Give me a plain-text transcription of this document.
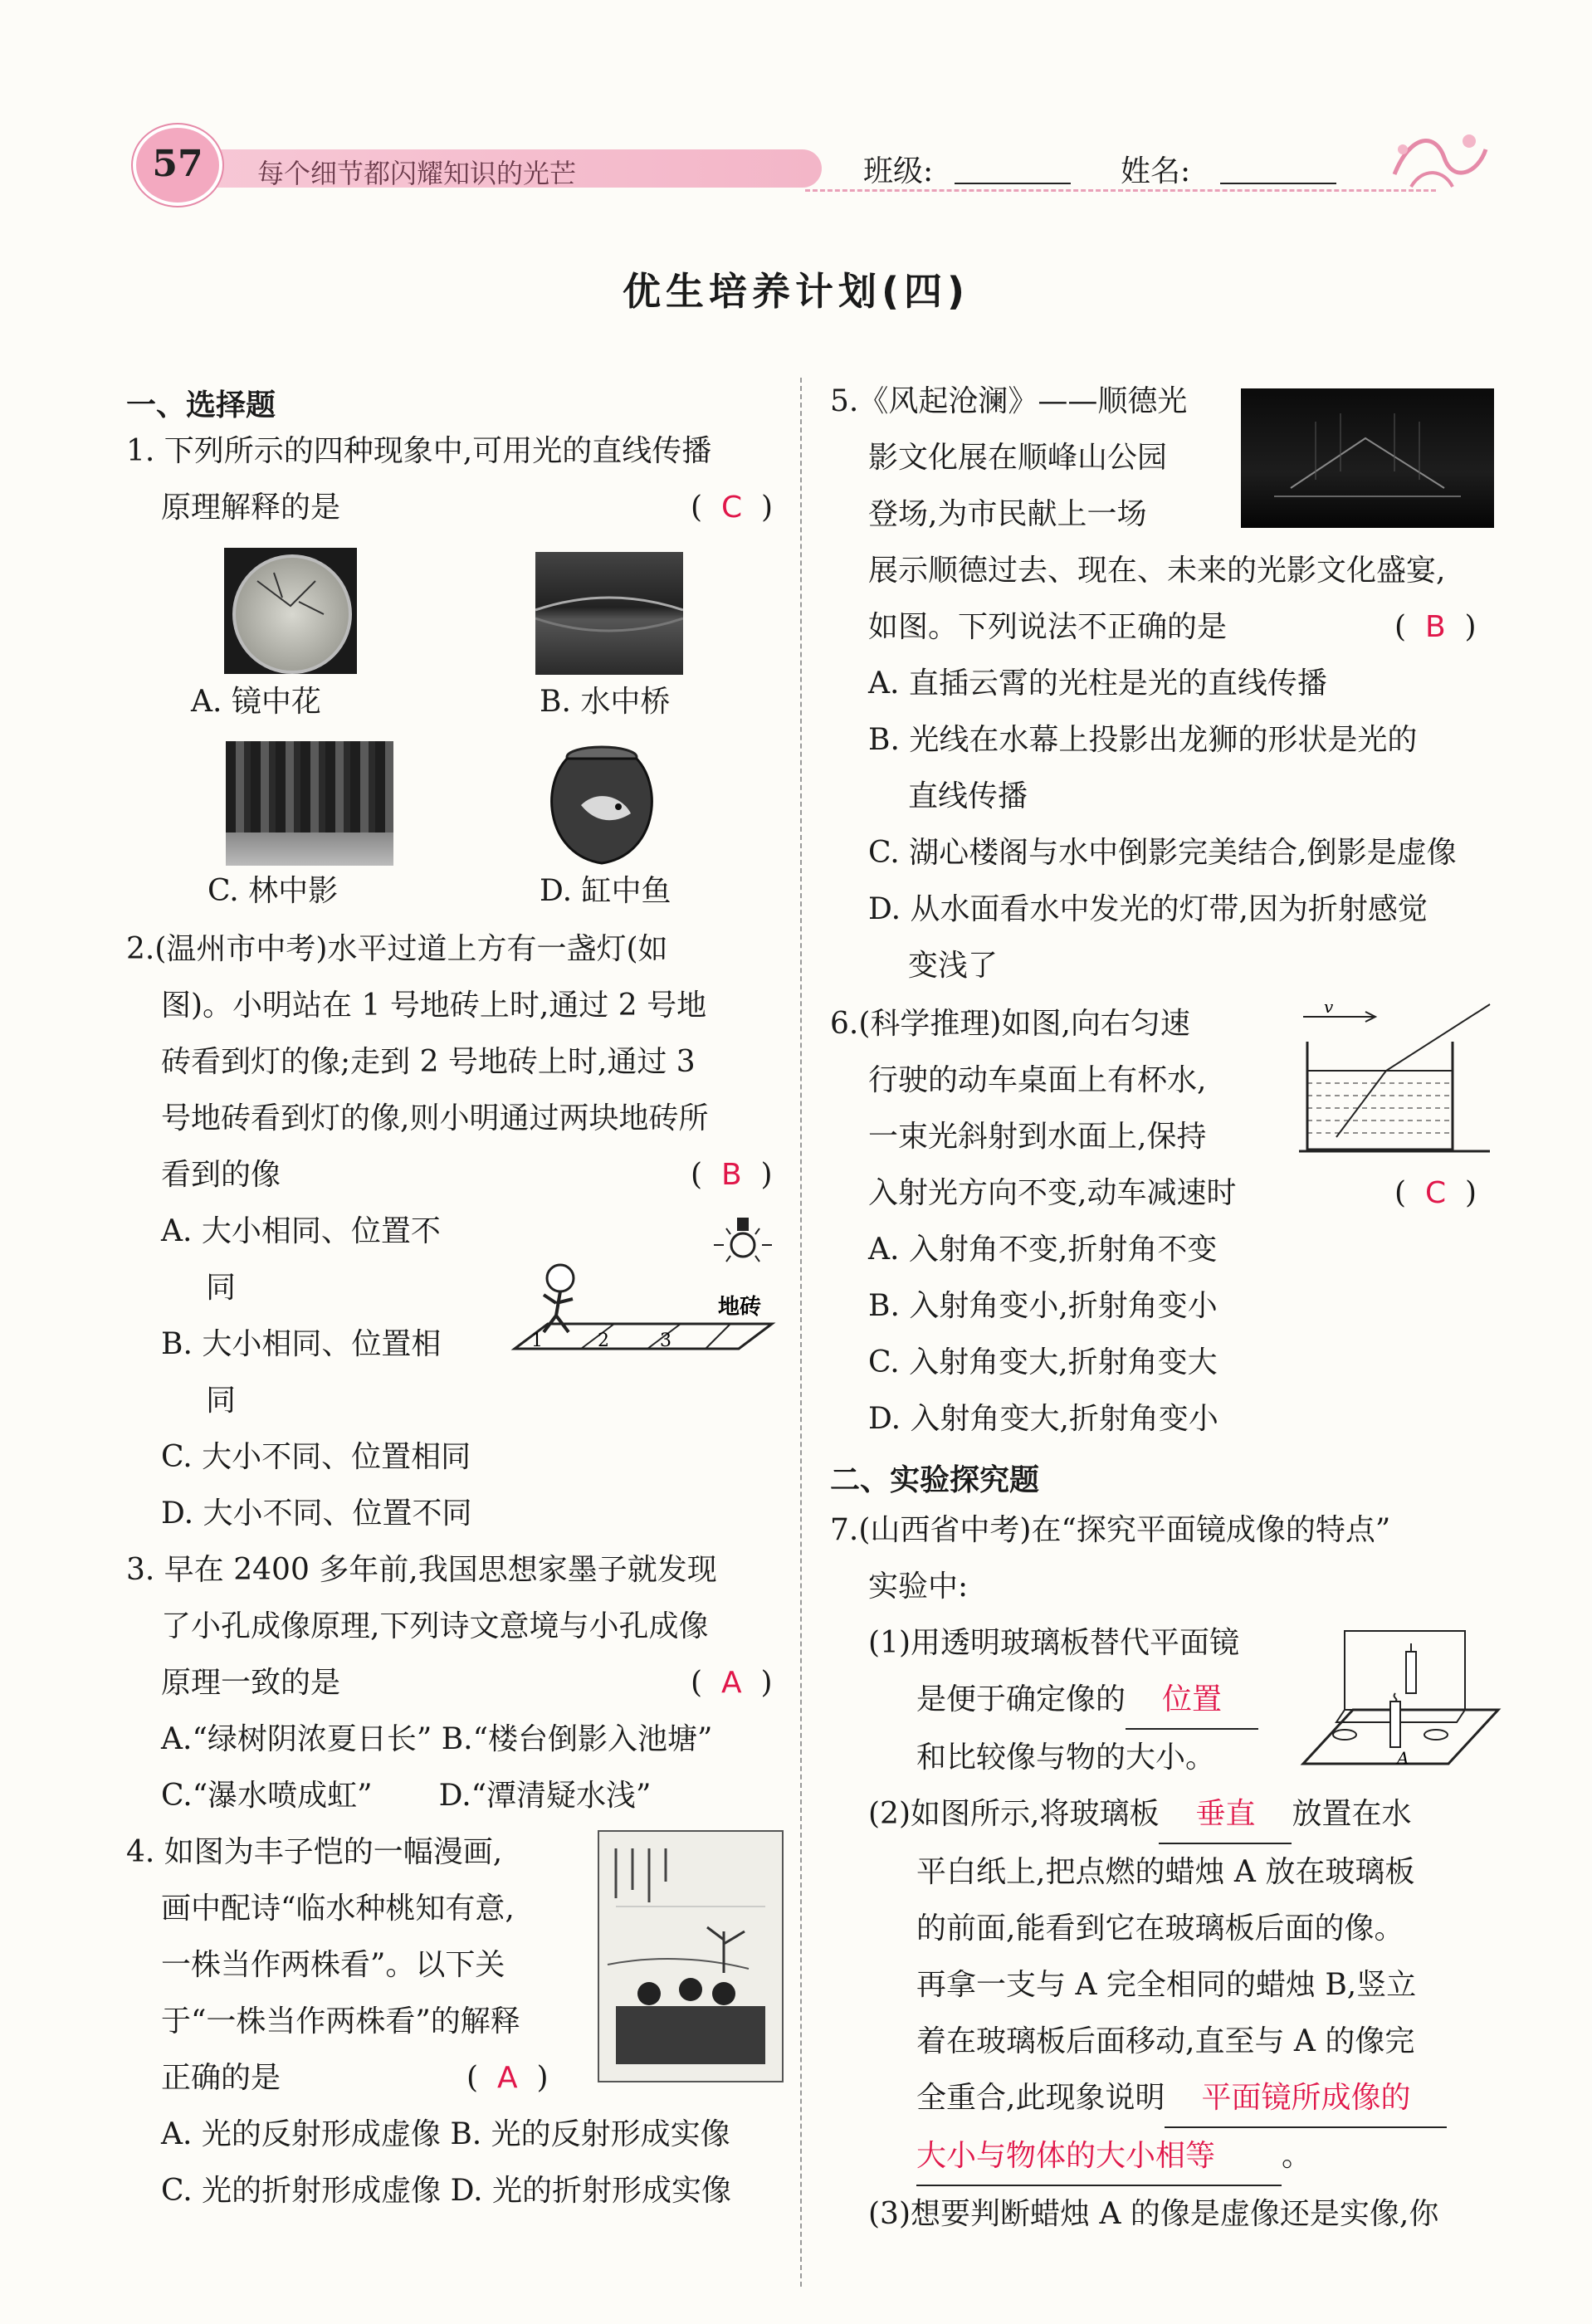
57	每个细节都闪耀知识的光芒	班级:	姓名:
优生培养计划(四)
一、选择题
1. 下列所示的四种现象中,可用光的直线传播
原理解释的是	(  C  )
A. 镜中花	B. 水中桥
C. 林中影	D. 缸中鱼
2.(温州市中考)水平过道上方有一盏灯(如
图)。小明站在 1 号地砖上时,通过 2 号地
砖看到灯的像;走到 2 号地砖上时,通过 3
号地砖看到灯的像,则小明通过两块地砖所
看到的像	(  B  )
A. 大小相同、位置不
同
B. 大小相同、位置相
同
C. 大小不同、位置相同
D. 大小不同、位置不同
1	2	3
地砖
3. 早在 2400 多年前,我国思想家墨子就发现
了小孔成像原理,下列诗文意境与小孔成像
原理一致的是	(  A  )
A.“绿树阴浓夏日长” B.“楼台倒影入池塘”
C.“瀑水喷成虹”       D.“潭清疑水浅”
4. 如图为丰子恺的一幅漫画,
画中配诗“临水种桃知有意,
一株当作两株看”。以下关
于“一株当作两株看”的解释
正确的是	(  A  )
A. 光的反射形成虚像 B. 光的反射形成实像
C. 光的折射形成虚像 D. 光的折射形成实像
5.《风起沧澜》——顺德光
影文化展在顺峰山公园
登场,为市民献上一场
展示顺德过去、现在、未来的光影文化盛宴,
如图。下列说法不正确的是	(  B  )
A. 直插云霄的光柱是光的直线传播
B. 光线在水幕上投影出龙狮的形状是光的
直线传播
C. 湖心楼阁与水中倒影完美结合,倒影是虚像
D. 从水面看水中发光的灯带,因为折射感觉
变浅了
6.(科学推理)如图,向右匀速
行驶的动车桌面上有杯水,
一束光斜射到水面上,保持
入射光方向不变,动车减速时	(  C  )
A. 入射角不变,折射角不变
B. 入射角变小,折射角变小
C. 入射角变大,折射角变大
D. 入射角变大,折射角变小
v
二、实验探究题
7.(山西省中考)在“探究平面镜成像的特点”
实验中:
(1)用透明玻璃板替代平面镜
是便于确定像的 位置
和比较像与物的大小。
(2)如图所示,将玻璃板 垂直 放置在水
平白纸上,把点燃的蜡烛 A 放在玻璃板
的前面,能看到它在玻璃板后面的像。
再拿一支与 A 完全相同的蜡烛 B,竖立
着在玻璃板后面移动,直至与 A 的像完
全重合,此现象说明 平面镜所成像的
大小与物体的大小相等 。
(3)想要判断蜡烛 A 的像是虚像还是实像,你
A
